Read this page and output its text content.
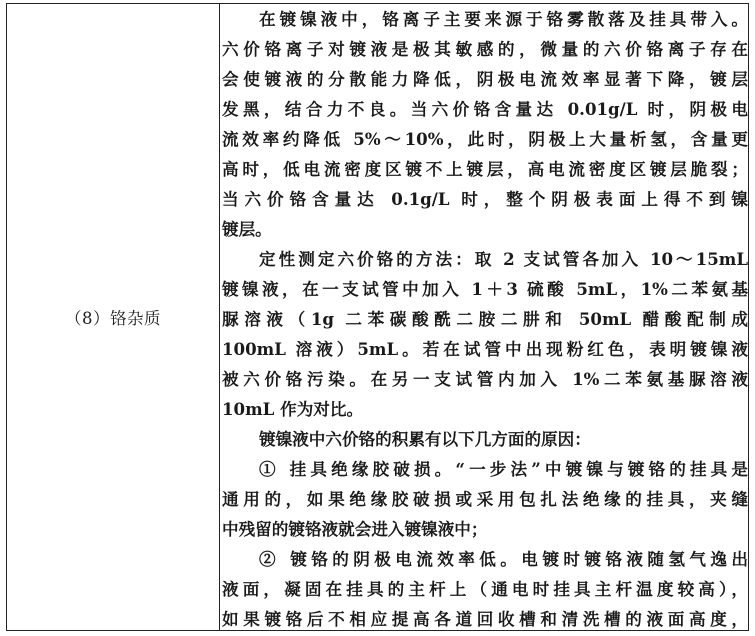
（8）铬杂质
在镀镍液中，铬离子主要来源于铬雾散落及挂具带入。
六价铬离子对镀液是极其敏感的，微量的六价铬离子存在
会使镀液的分散能力降低，阴极电流效率显著下降，镀层
发黑，结合力不良。当六价铬含量达 0.01g/L 时，阴极电
流效率约降低 5%～10%，此时，阴极上大量析氢，含量更
高时，低电流密度区镀不上镀层，高电流密度区镀层脆裂；
当六价铬含量达 0.1g/L 时，整个阴极表面上得不到镍
镀层。
定性测定六价铬的方法：取 2 支试管各加入 10～15mL
镀镍液，在一支试管中加入 1＋3 硫酸 5mL，1%二苯氨基
脲溶液（1g 二苯碳酸酰二胺二肼和 50mL 醋酸配制成
100mL 溶液）5mL。若在试管中出现粉红色，表明镀镍液
被六价铬污染。在另一支试管内加入 1%二苯氨基脲溶液
10mL 作为对比。
镀镍液中六价铬的积累有以下几方面的原因：
① 挂具绝缘胶破损。“一步法”中镀镍与镀铬的挂具是
通用的，如果绝缘胶破损或采用包扎法绝缘的挂具，夹缝
中残留的镀铬液就会进入镀镍液中；
② 镀铬的阴极电流效率低。电镀时镀铬液随氢气逸出
液面，凝固在挂具的主杆上（通电时挂具主杆温度较高），
如果镀铬后不相应提高各道回收槽和清洗槽的液面高度，
